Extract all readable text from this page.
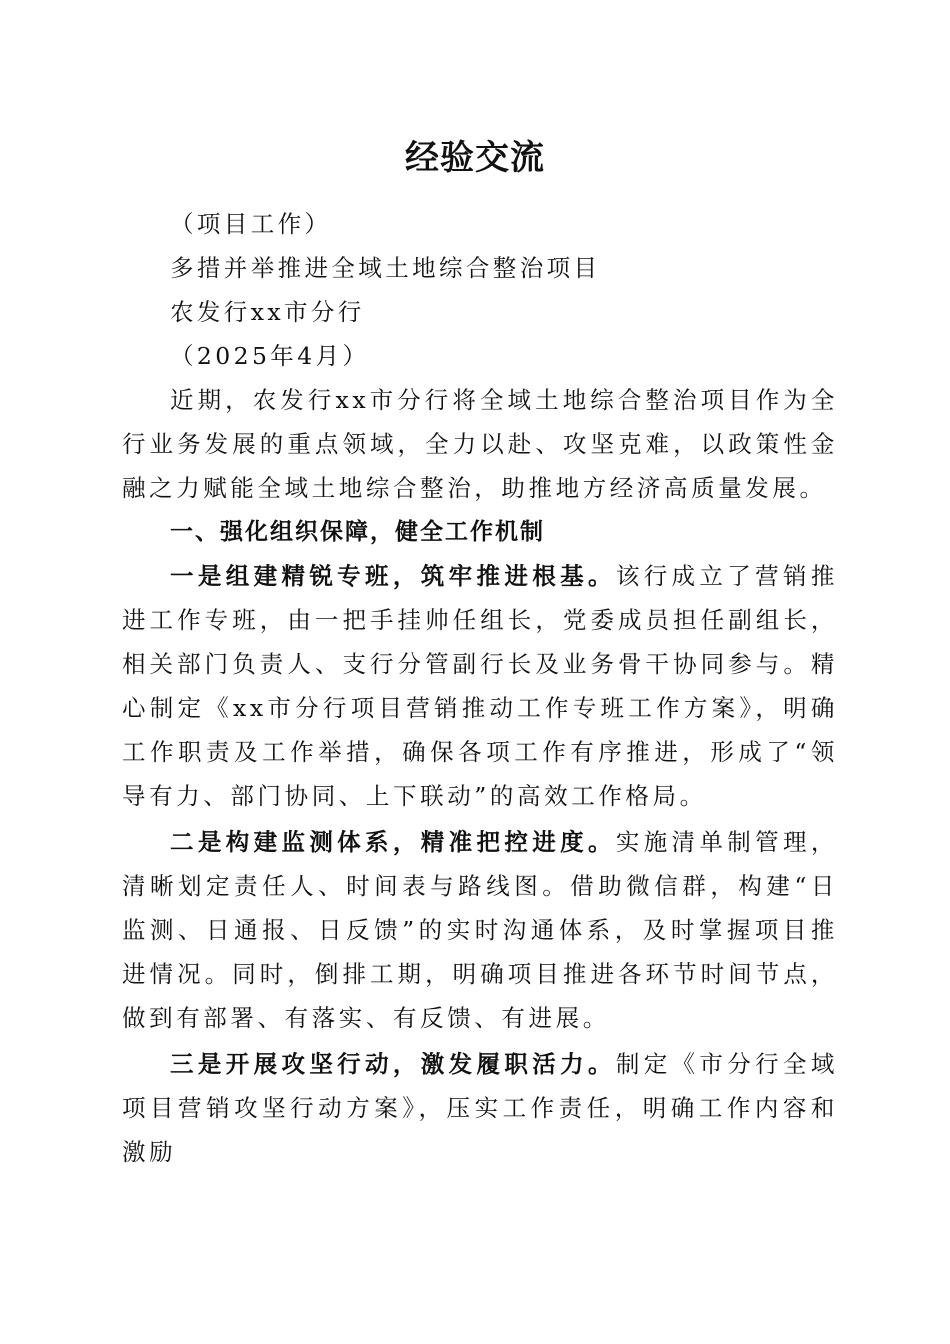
经验交流
（项目工作）
多措并举推进全域土地综合整治项目
农发行xx市分行
（2025年4月）
近期，农发行xx市分行将全域土地综合整治项目作为全行业务发展的重点领域，全力以赴、攻坚克难，以政策性金融之力赋能全域土地综合整治，助推地方经济高质量发展。
一、强化组织保障，健全工作机制
一是组建精锐专班，筑牢推进根基。该行成立了营销推进工作专班，由一把手挂帅任组长，党委成员担任副组长，相关部门负责人、支行分管副行长及业务骨干协同参与。精心制定《xx市分行项目营销推动工作专班工作方案》，明确工作职责及工作举措，确保各项工作有序推进，形成了“领导有力、部门协同、上下联动”的高效工作格局。
二是构建监测体系，精准把控进度。实施清单制管理，清晰划定责任人、时间表与路线图。借助微信群，构建“日监测、日通报、日反馈”的实时沟通体系，及时掌握项目推进情况。同时，倒排工期，明确项目推进各环节时间节点，做到有部署、有落实、有反馈、有进展。
三是开展攻坚行动，激发履职活力。制定《市分行全域项目营销攻坚行动方案》，压实工作责任，明确工作内容和激励
